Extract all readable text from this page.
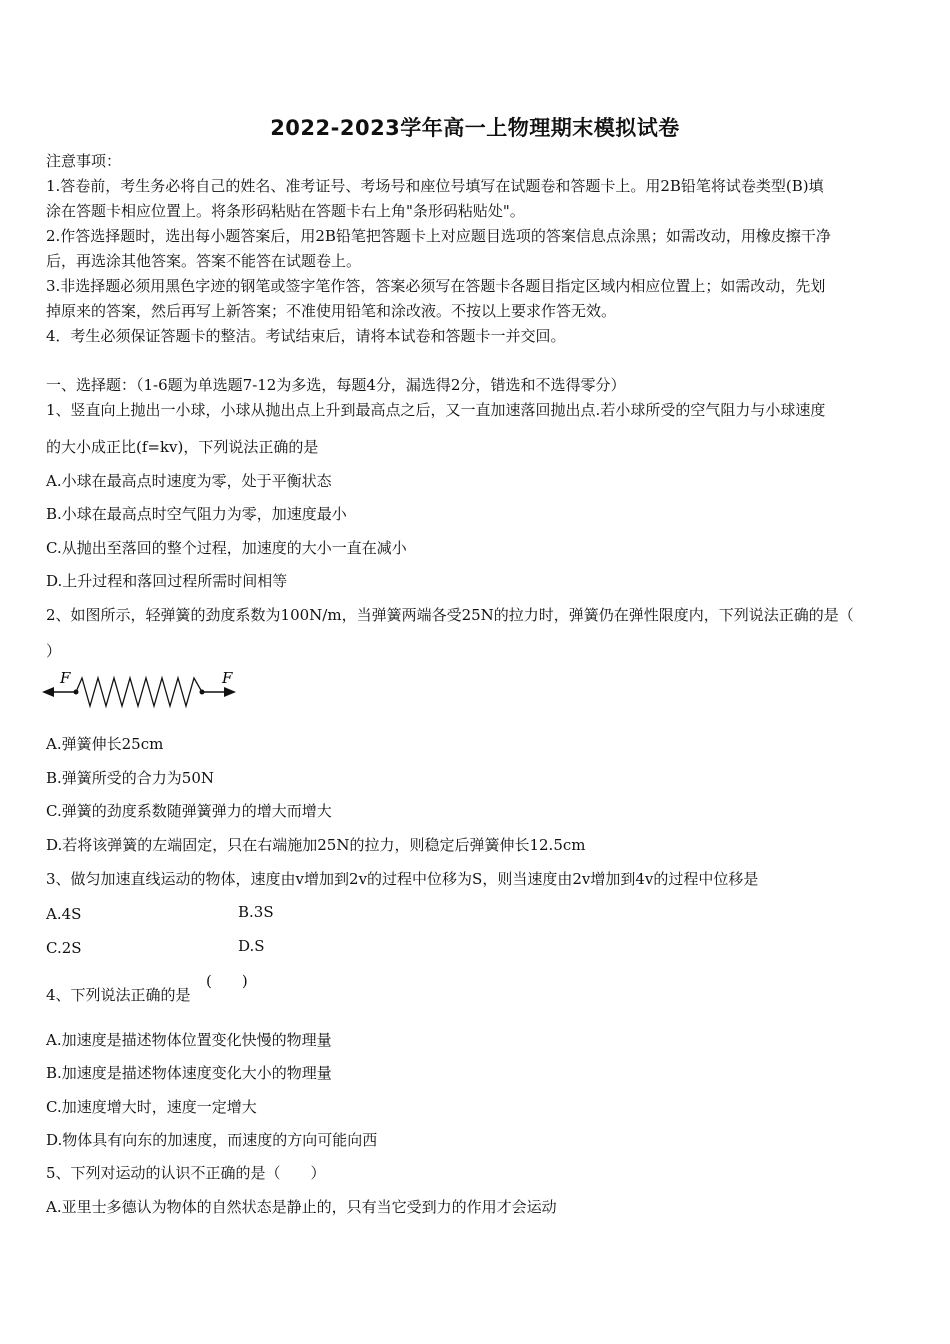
2022-2023学年高一上物理期末模拟试卷
注意事项：
1.答卷前，考生务必将自己的姓名、准考证号、考场号和座位号填写在试题卷和答题卡上。用2B铅笔将试卷类型(B)填
涂在答题卡相应位置上。将条形码粘贴在答题卡右上角"条形码粘贴处"。
2.作答选择题时，选出每小题答案后，用2B铅笔把答题卡上对应题目选项的答案信息点涂黑；如需改动，用橡皮擦干净
后，再选涂其他答案。答案不能答在试题卷上。
3.非选择题必须用黑色字迹的钢笔或签字笔作答，答案必须写在答题卡各题目指定区域内相应位置上；如需改动，先划
掉原来的答案，然后再写上新答案；不准使用铅笔和涂改液。不按以上要求作答无效。
4．考生必须保证答题卡的整洁。考试结束后，请将本试卷和答题卡一并交回。
一、选择题：（1-6题为单选题7-12为多选，每题4分，漏选得2分，错选和不选得零分）
1、竖直向上抛出一小球，小球从抛出点上升到最高点之后，又一直加速落回抛出点.若小球所受的空气阻力与小球速度
的大小成正比(f=kv)，下列说法正确的是
A.小球在最高点时速度为零，处于平衡状态
B.小球在最高点时空气阻力为零，加速度最小
C.从抛出至落回的整个过程，加速度的大小一直在减小
D.上升过程和落回过程所需时间相等
2、如图所示，轻弹簧的劲度系数为100N/m，当弹簧两端各受25N的拉力时，弹簧仍在弹性限度内，下列说法正确的是（
）
F	F
A.弹簧伸长25cm
B.弹簧所受的合力为50N
C.弹簧的劲度系数随弹簧弹力的增大而增大
D.若将该弹簧的左端固定，只在右端施加25N的拉力，则稳定后弹簧伸长12.5cm
3、做匀加速直线运动的物体，速度由v增加到2v的过程中位移为S，则当速度由2v增加到4v的过程中位移是
A.4S	B.3S
C.2S	D.S
4、下列说法正确的是
(　　)
A.加速度是描述物体位置变化快慢的物理量
B.加速度是描述物体速度变化大小的物理量
C.加速度增大时，速度一定增大
D.物体具有向东的加速度，而速度的方向可能向西
5、下列对运动的认识不正确的是（　　）
A.亚里士多德认为物体的自然状态是静止的，只有当它受到力的作用才会运动
